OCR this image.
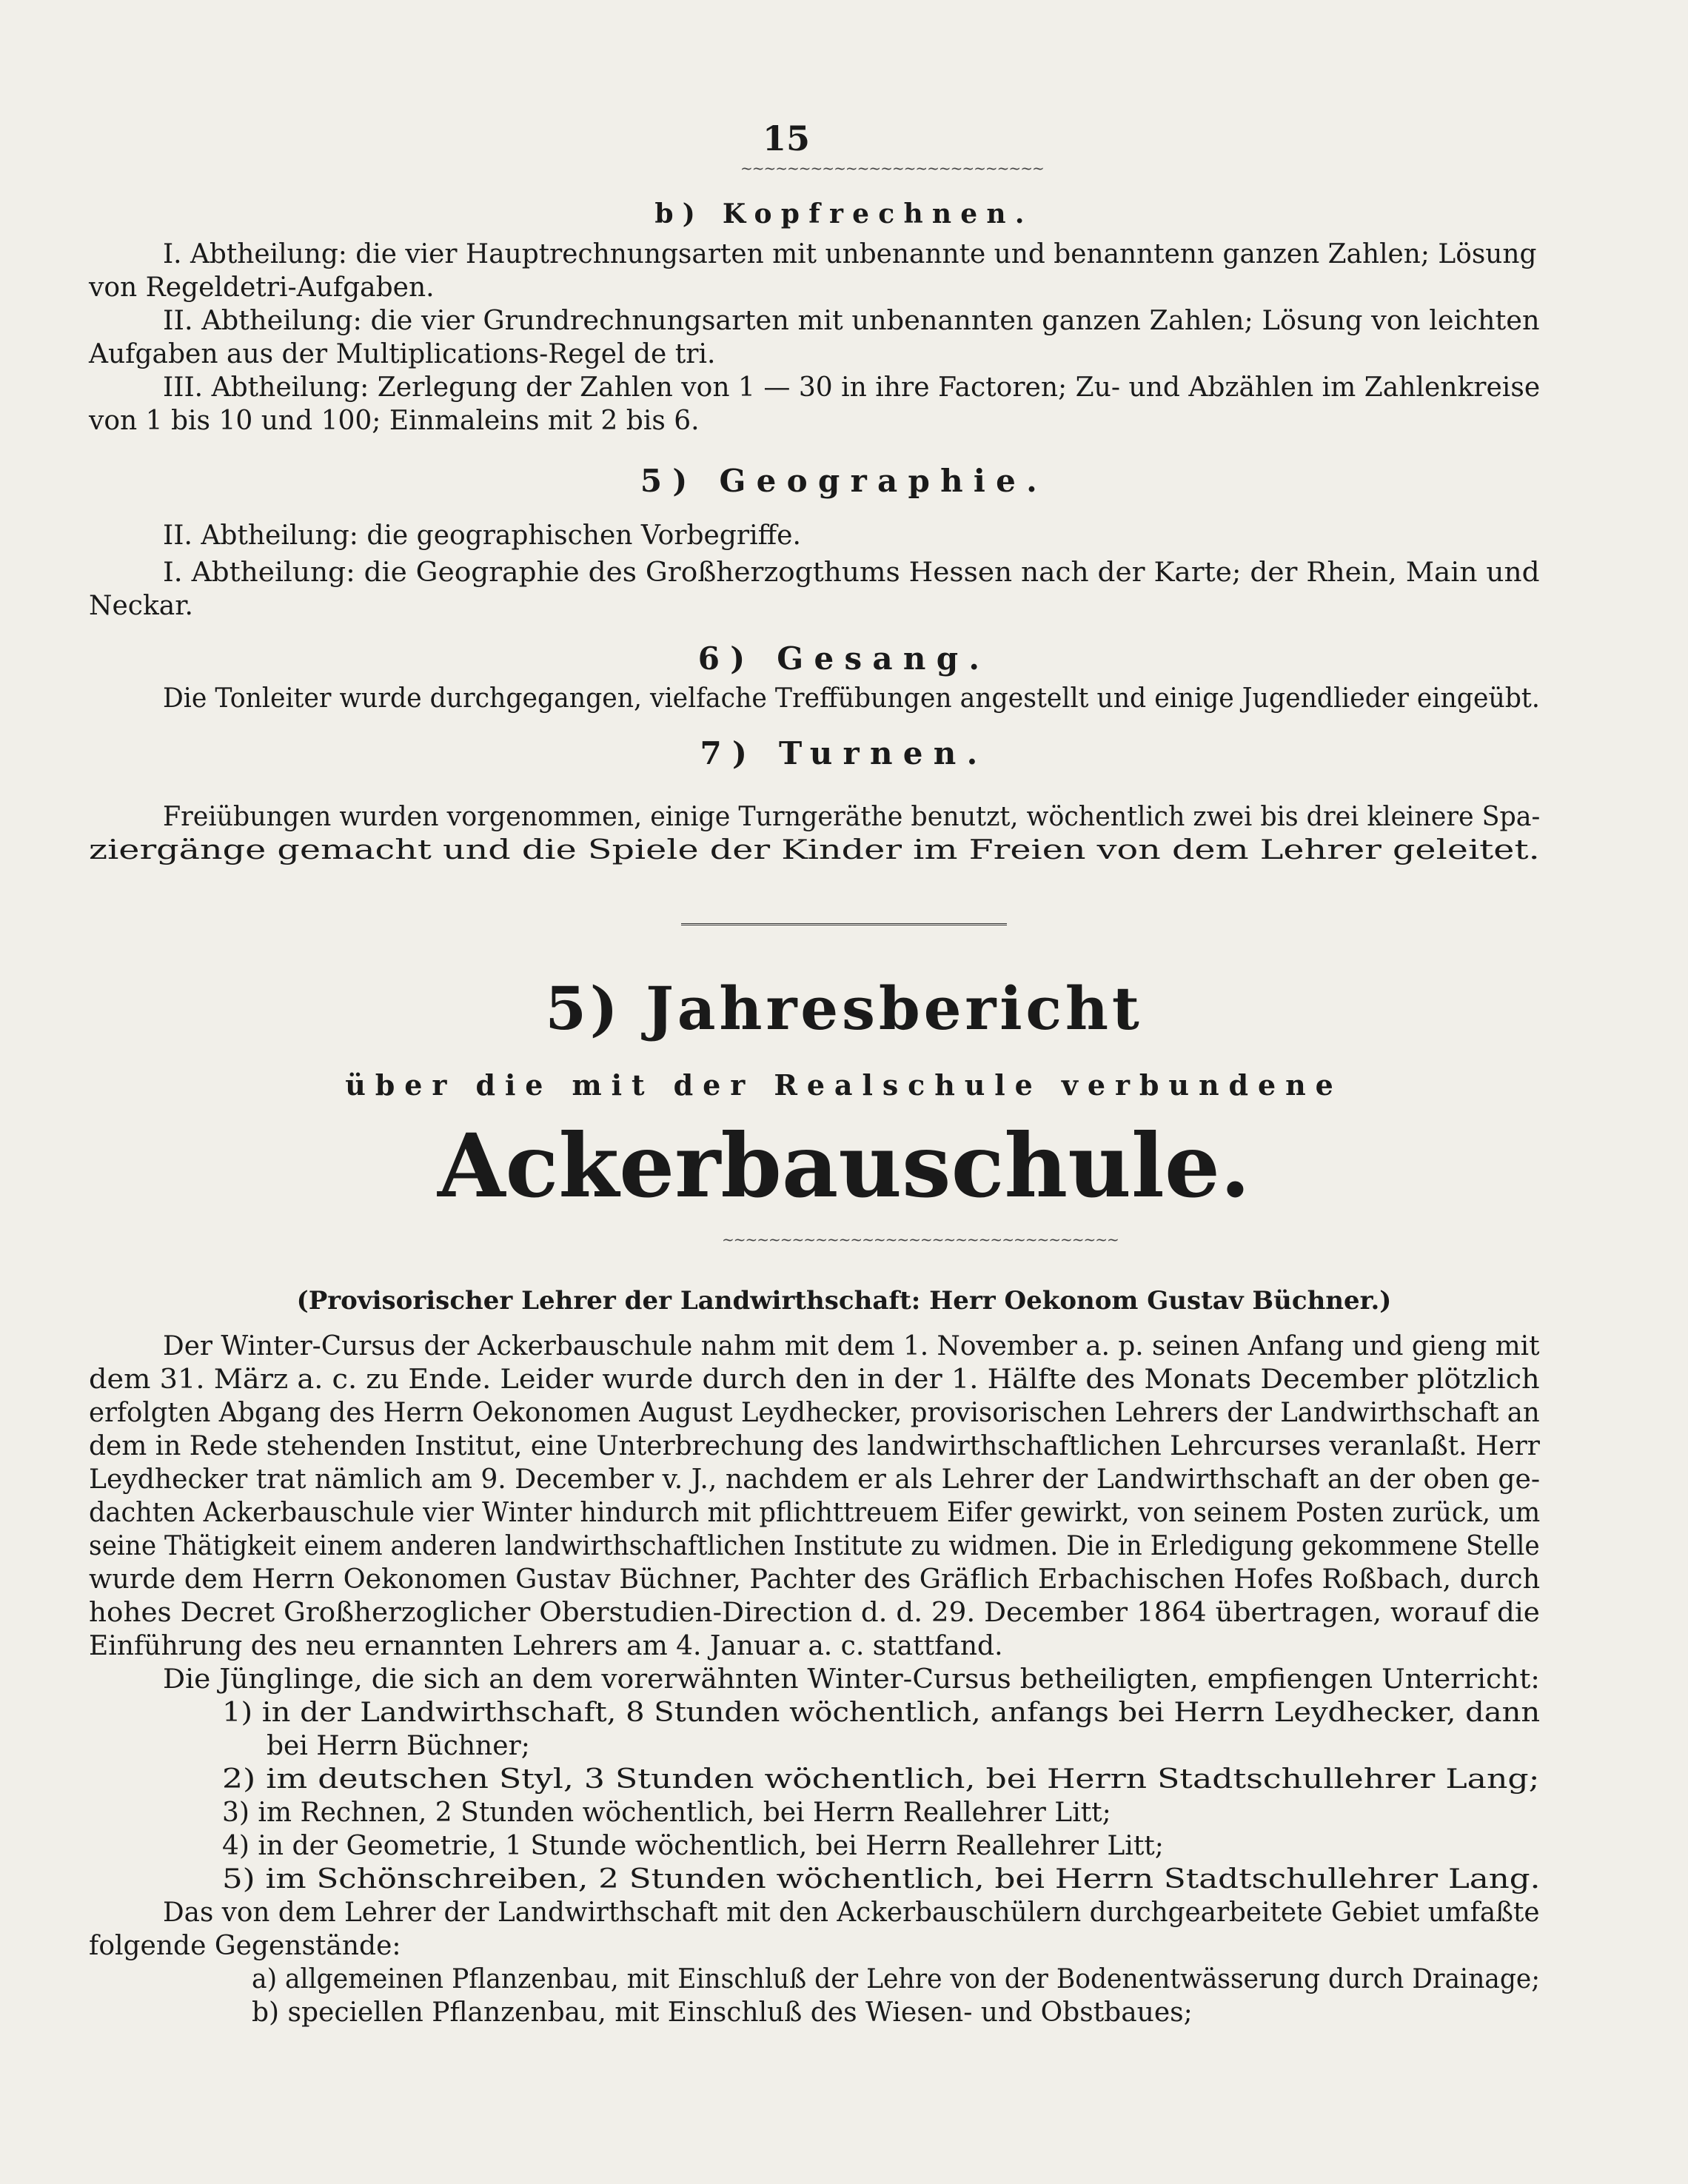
15
~~~~~~~~~~~~~~~~~~~~~~~~~~
b) Kopfrechnen.
I. Abtheilung: die vier Hauptrechnungsarten mit unbenannte und benanntenn ganzen Zahlen; Lösung
von Regeldetri-Aufgaben.
II. Abtheilung: die vier Grundrechnungsarten mit unbenannten ganzen Zahlen; Lösung von leichten
Aufgaben aus der Multiplications-Regel de tri.
III. Abtheilung: Zerlegung der Zahlen von 1 — 30 in ihre Factoren; Zu- und Abzählen im Zahlenkreise
von 1 bis 10 und 100; Einmaleins mit 2 bis 6.
5) Geographie.
II. Abtheilung: die geographischen Vorbegriffe.
I. Abtheilung: die Geographie des Großherzogthums Hessen nach der Karte; der Rhein, Main und
Neckar.
6) Gesang.
Die Tonleiter wurde durchgegangen, vielfache Treffübungen angestellt und einige Jugendlieder eingeübt.
7) Turnen.
Freiübungen wurden vorgenommen, einige Turngeräthe benutzt, wöchentlich zwei bis drei kleinere Spa-
ziergänge gemacht und die Spiele der Kinder im Freien von dem Lehrer geleitet.
5) Jahresbericht
über die mit der Realschule verbundene
Ackerbauschule.
~~~~~~~~~~~~~~~~~~~~~~~~~~~~~~~~~~
(Provisorischer Lehrer der Landwirthschaft: Herr Oekonom Gustav Büchner.)
Der Winter-Cursus der Ackerbauschule nahm mit dem 1. November a. p. seinen Anfang und gieng mit
dem 31. März a. c. zu Ende. Leider wurde durch den in der 1. Hälfte des Monats December plötzlich
erfolgten Abgang des Herrn Oekonomen August Leydhecker, provisorischen Lehrers der Landwirthschaft an
dem in Rede stehenden Institut, eine Unterbrechung des landwirthschaftlichen Lehrcurses veranlaßt. Herr
Leydhecker trat nämlich am 9. December v. J., nachdem er als Lehrer der Landwirthschaft an der oben ge-
dachten Ackerbauschule vier Winter hindurch mit pflichttreuem Eifer gewirkt, von seinem Posten zurück, um
seine Thätigkeit einem anderen landwirthschaftlichen Institute zu widmen. Die in Erledigung gekommene Stelle
wurde dem Herrn Oekonomen Gustav Büchner, Pachter des Gräflich Erbachischen Hofes Roßbach, durch
hohes Decret Großherzoglicher Oberstudien-Direction d. d. 29. December 1864 übertragen, worauf die
Einführung des neu ernannten Lehrers am 4. Januar a. c. stattfand.
Die Jünglinge, die sich an dem vorerwähnten Winter-Cursus betheiligten, empfiengen Unterricht:
1) in der Landwirthschaft, 8 Stunden wöchentlich, anfangs bei Herrn Leydhecker, dann
bei Herrn Büchner;
2) im deutschen Styl, 3 Stunden wöchentlich, bei Herrn Stadtschullehrer Lang;
3) im Rechnen, 2 Stunden wöchentlich, bei Herrn Reallehrer Litt;
4) in der Geometrie, 1 Stunde wöchentlich, bei Herrn Reallehrer Litt;
5) im Schönschreiben, 2 Stunden wöchentlich, bei Herrn Stadtschullehrer Lang.
Das von dem Lehrer der Landwirthschaft mit den Ackerbauschülern durchgearbeitete Gebiet umfaßte
folgende Gegenstände:
a) allgemeinen Pflanzenbau, mit Einschluß der Lehre von der Bodenentwässerung durch Drainage;
b) speciellen Pflanzenbau, mit Einschluß des Wiesen- und Obstbaues;
